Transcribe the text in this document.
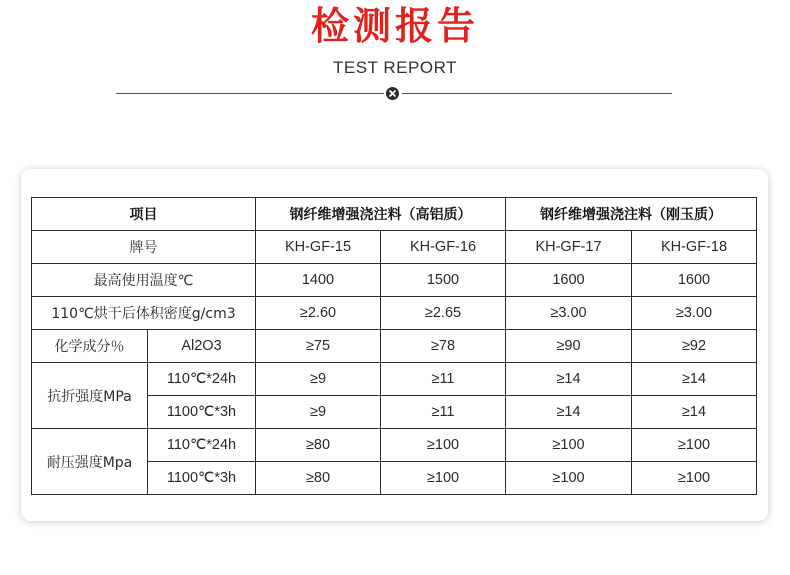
检测报告
TEST REPORT
项目		钢纤维增强浇注料（高铝质）		钢纤维增强浇注料（刚玉质）	
牌号		KH-GF-15	KH-GF-16	KH-GF-17	KH-GF-18
最高使用温度℃		1400	1500	1600	1600
110℃烘干后体积密度g/cm3		≥2.60	≥2.65	≥3.00	≥3.00
化学成分％	Al2O3	≥75	≥78	≥90	≥92
抗折强度MPa	110℃*24h	≥9	≥11	≥14	≥14
	1100℃*3h	≥9	≥11	≥14	≥14
耐压强度Mpa	110℃*24h	≥80	≥100	≥100	≥100
	1100℃*3h	≥80	≥100	≥100	≥100
